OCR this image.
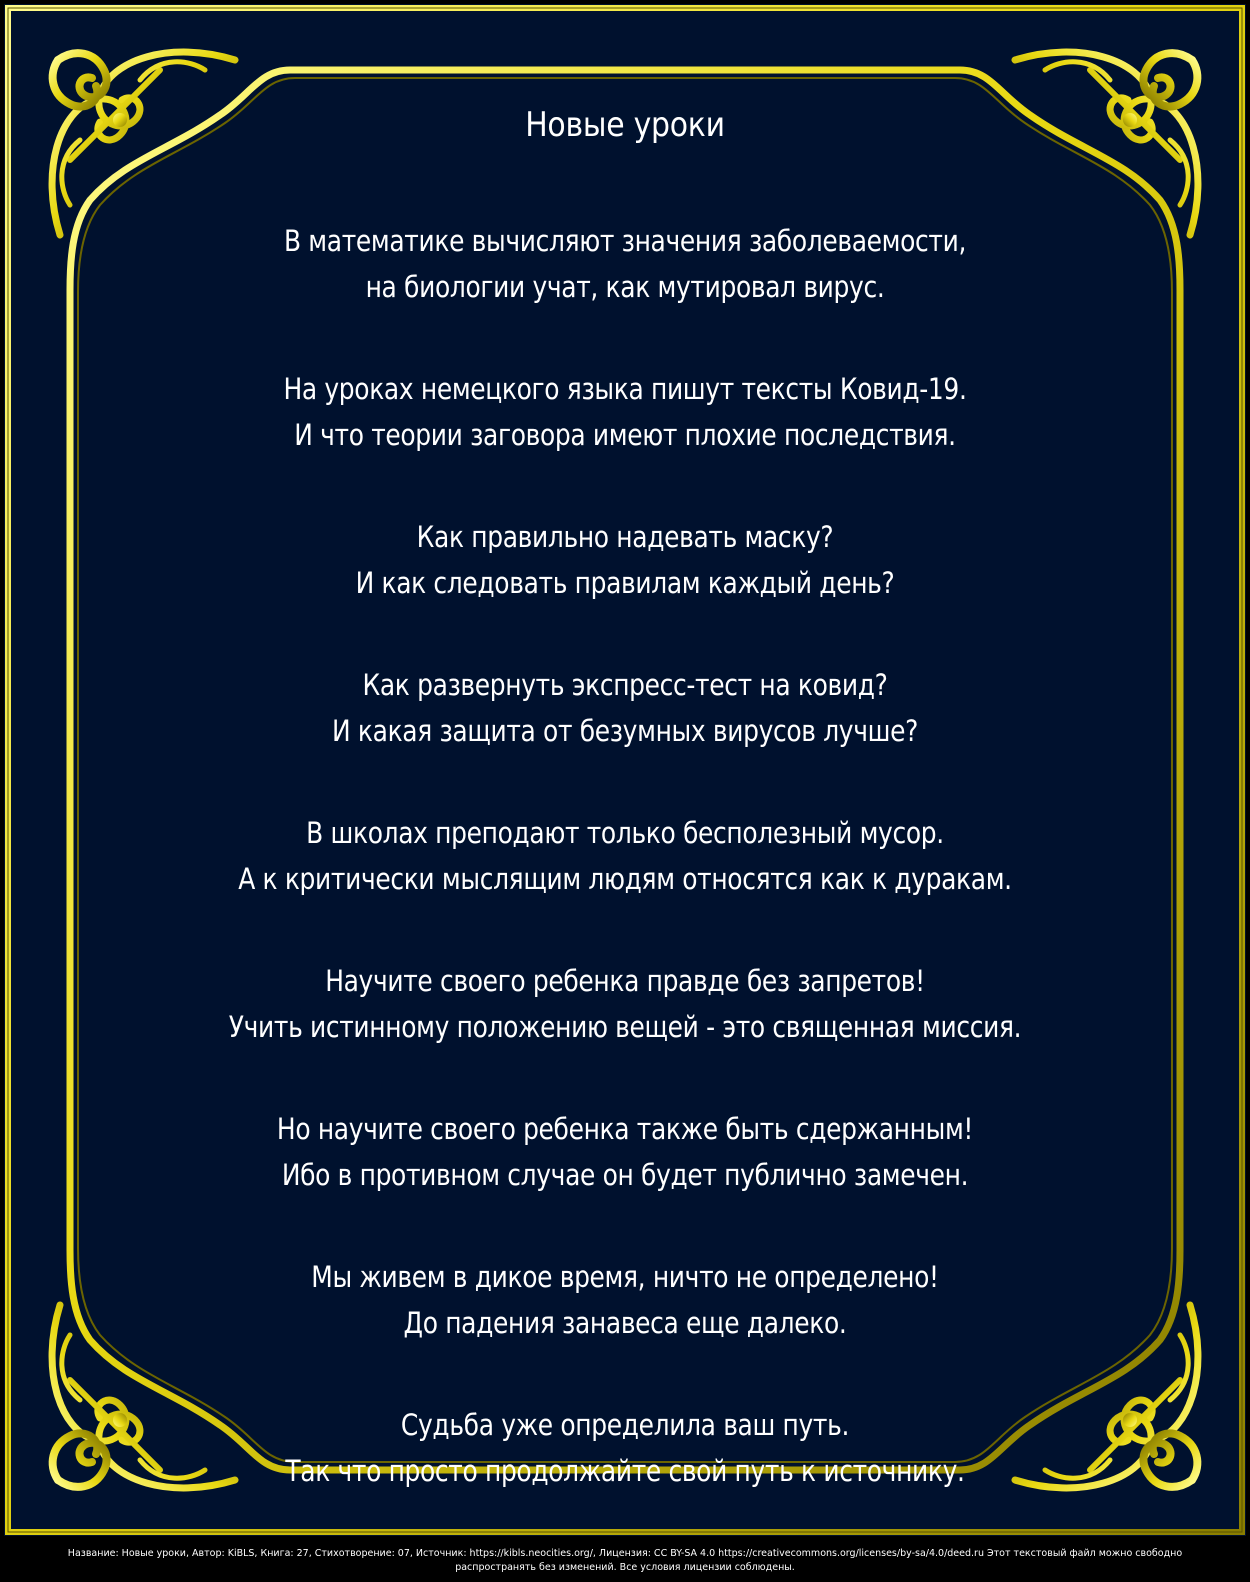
Новые уроки
В математике вычисляют значения заболеваемости,
на биологии учат, как мутировал вирус.
На уроках немецкого языка пишут тексты Ковид-19.
И что теории заговора имеют плохие последствия.
Как правильно надевать маску?
И как следовать правилам каждый день?
Как развернуть экспресс-тест на ковид?
И какая защита от безумных вирусов лучше?
В школах преподают только бесполезный мусор.
А к критически мыслящим людям относятся как к дуракам.
Научите своего ребенка правде без запретов!
Учить истинному положению вещей - это священная миссия.
Но научите своего ребенка также быть сдержанным!
Ибо в противном случае он будет публично замечен.
Мы живем в дикое время, ничто не определено!
До падения занавеса еще далеко.
Судьба уже определила ваш путь.
Так что просто продолжайте свой путь к источнику.
Название: Новые уроки, Автор: KiBLS, Книга: 27, Стихотворение: 07, Источник: https://kibls.neocities.org/, Лицензия: CC BY-SA 4.0 https://creativecommons.org/licenses/by-sa/4.0/deed.ru Этот текстовый файл можно свободно
распространять без изменений. Все условия лицензии соблюдены.
